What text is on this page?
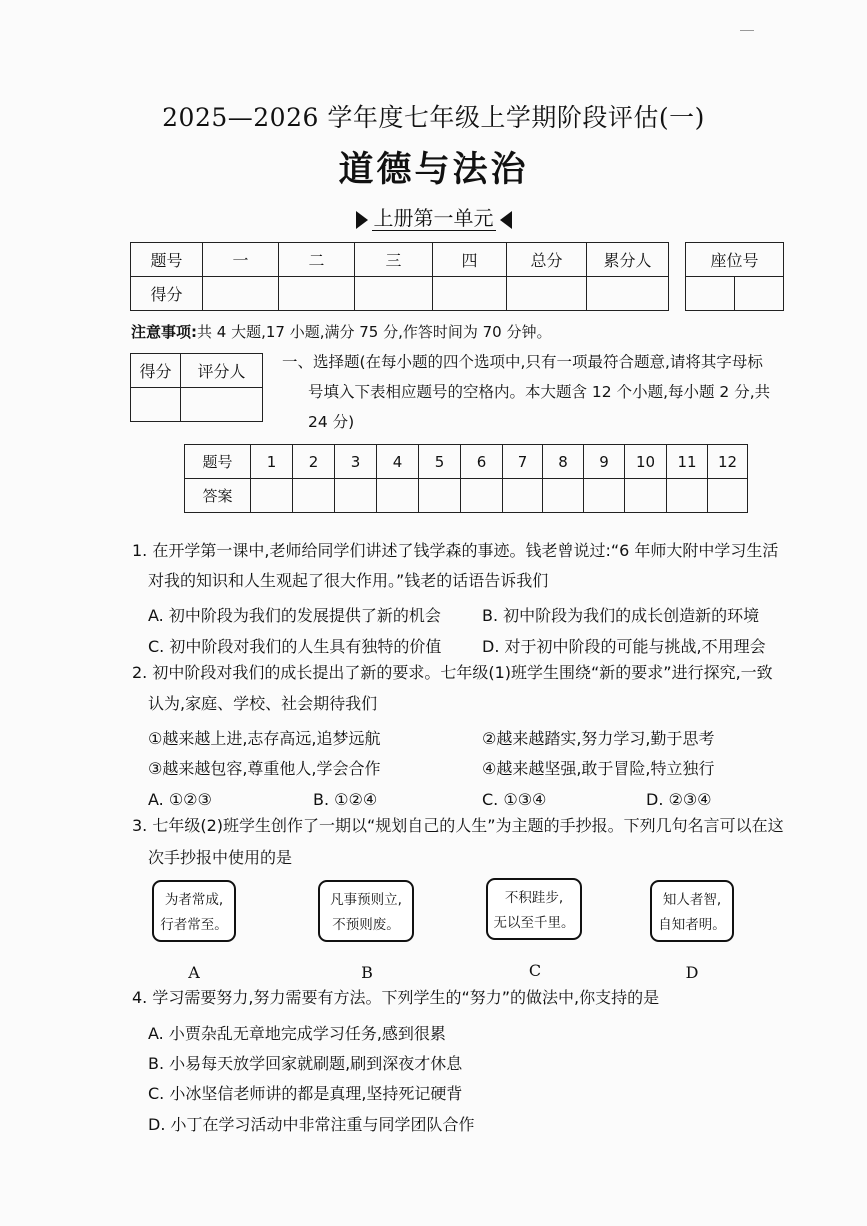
2025—2026 学年度七年级上学期阶段评估(一)
道德与法治
上册第一单元
题号	一	二	三	四	总分	累分人
得分						
座位号

注意事项:共 4 大题,17 小题,满分 75 分,作答时间为 70 分钟。
得分	评分人
	一、选择题(在每小题的四个选项中,只有一项最符合题意,请将其字母标

号填入下表相应题号的空格内。本大题含 12 个小题,每小题 2 分,共
24 分)
题号	1	2	3	4	5	6	7	8	9	10	11	12
答案												
1. 在开学第一课中,老师给同学们讲述了钱学森的事迹。钱老曾说过:“6 年师大附中学习生活
对我的知识和人生观起了很大作用。”钱老的话语告诉我们
A. 初中阶段为我们的发展提供了新的机会	B. 初中阶段为我们的成长创造新的环境
C. 初中阶段对我们的人生具有独特的价值	D. 对于初中阶段的可能与挑战,不用理会
2. 初中阶段对我们的成长提出了新的要求。七年级(1)班学生围绕“新的要求”进行探究,一致
认为,家庭、学校、社会期待我们
①越来越上进,志存高远,追梦远航	②越来越踏实,努力学习,勤于思考
③越来越包容,尊重他人,学会合作	④越来越坚强,敢于冒险,特立独行
A. ①②③	B. ①②④	C. ①③④	D. ②③④
3. 七年级(2)班学生创作了一期以“规划自己的人生”为主题的手抄报。下列几句名言可以在这
次手抄报中使用的是
为者常成,
行者常至。
A
凡事预则立,
不预则废。
B
不积跬步,
无以至千里。
C
知人者智,
自知者明。
D
4. 学习需要努力,努力需要有方法。下列学生的“努力”的做法中,你支持的是
A. 小贾杂乱无章地完成学习任务,感到很累
B. 小易每天放学回家就刷题,刷到深夜才休息
C. 小冰坚信老师讲的都是真理,坚持死记硬背
D. 小丁在学习活动中非常注重与同学团队合作
